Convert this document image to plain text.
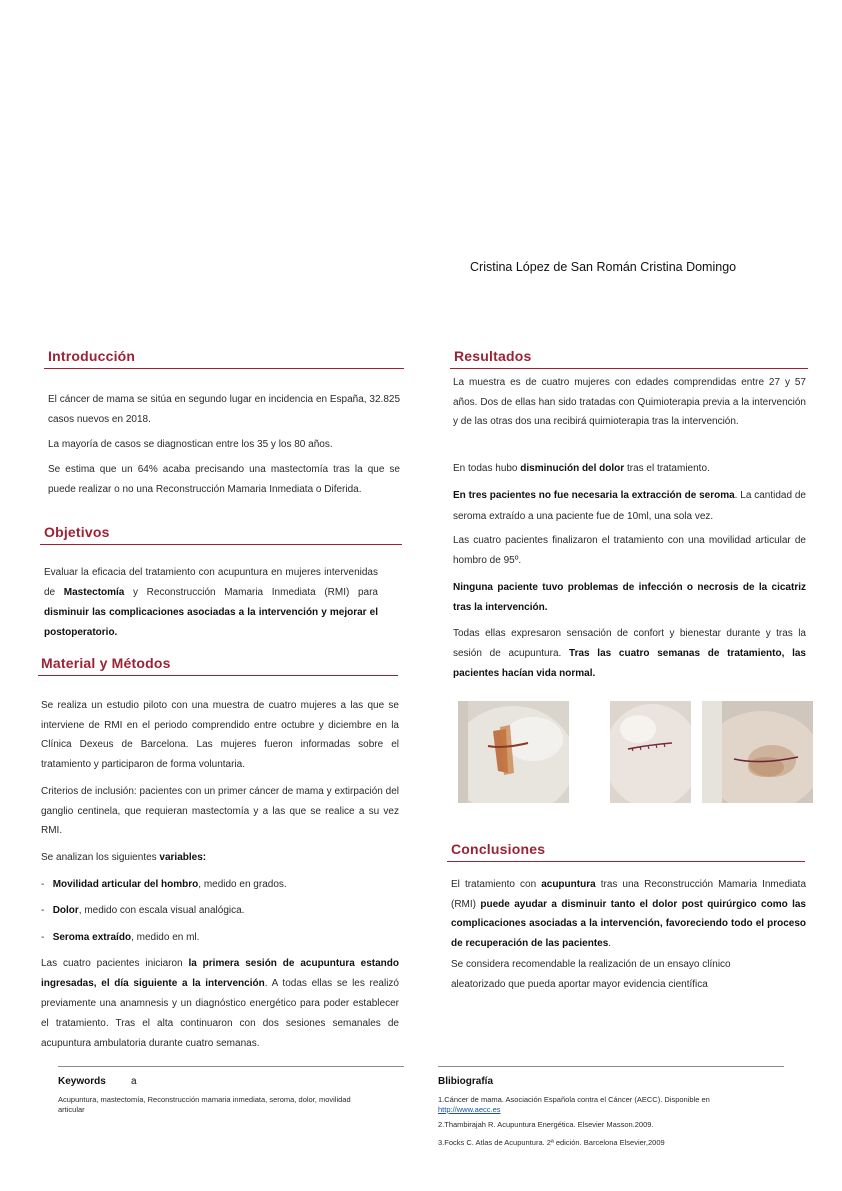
Cristina López de San Román Cristina Domingo
Introducción

El cáncer de mama se sitúa en segundo lugar en incidencia en España, 32.825 casos nuevos en 2018.

La mayoría de casos se diagnostican entre los 35 y los 80 años.

Se estima que un 64% acaba precisando una mastectomía tras la que se puede realizar o no una Reconstrucción Mamaria Inmediata o Diferida.

Objetivos

Evaluar la eficacia del tratamiento con acupuntura en mujeres intervenidas de Mastectomía y Reconstrucción Mamaria Inmediata (RMI) para disminuir las complicaciones asociadas a la intervención y mejorar el postoperatorio.

Material y Métodos

Se realiza un estudio piloto con una muestra de cuatro mujeres a las que se interviene de RMI en el periodo comprendido entre octubre y diciembre en la Clínica Dexeus de Barcelona. Las mujeres fueron informadas sobre el tratamiento y participaron de forma voluntaria.

Criterios de inclusión: pacientes con un primer cáncer de mama y extirpación del ganglio centinela, que requieran mastectomía y a las que se realice a su vez RMI.

Se analizan los siguientes variables:

- Movilidad articular del hombro, medido en grados.

- Dolor, medido con escala visual analógica.

- Seroma extraído, medido en ml.

Las cuatro pacientes iniciaron la primera sesión de acupuntura estando ingresadas, el día siguiente a la intervención. A todas ellas se les realizó previamente una anamnesis y un diagnóstico energético para poder establecer el tratamiento. Tras el alta continuaron con dos sesiones semanales de acupuntura ambulatoria durante cuatro semanas.

Resultados

La muestra es de cuatro mujeres con edades comprendidas entre 27 y 57 años. Dos de ellas han sido tratadas con Quimioterapia previa a la intervención y de las otras dos una recibirá quimioterapia tras la intervención.

En todas hubo disminución del dolor tras el tratamiento.

En tres pacientes no fue necesaria la extracción de seroma. La cantidad de seroma extraído a una paciente fue de 10ml, una sola vez.

Las cuatro pacientes finalizaron el tratamiento con una movilidad articular de hombro de 95º.

Ninguna paciente tuvo problemas de infección o necrosis de la cicatriz tras la intervención.

Todas ellas expresaron sensación de confort y bienestar durante y tras la sesión de acupuntura. Tras las cuatro semanas de tratamiento, las pacientes hacían vida normal.

Conclusiones

El tratamiento con acupuntura tras una Reconstrucción Mamaria Inmediata (RMI) puede ayudar a disminuir tanto el dolor post quirúrgico como las complicaciones asociadas a la intervención, favoreciendo todo el proceso de recuperación de las pacientes.

Se considera recomendable la realización de un ensayo clínico aleatorizado que pueda aportar mayor evidencia científica

Keywords	a

Acupuntura, mastectomía, Reconstrucción mamaria inmediata, seroma, dolor, movilidad articular

Blibiografía

1.Cáncer de mama. Asociación Española contra el Cáncer (AECC). Disponible en
http://www.aecc.es

2.Thambirajah R. Acupuntura Energética. Elsevier Masson.2009.

3.Focks C. Atlas de Acupuntura. 2ª edición. Barcelona Elsevier,2009
